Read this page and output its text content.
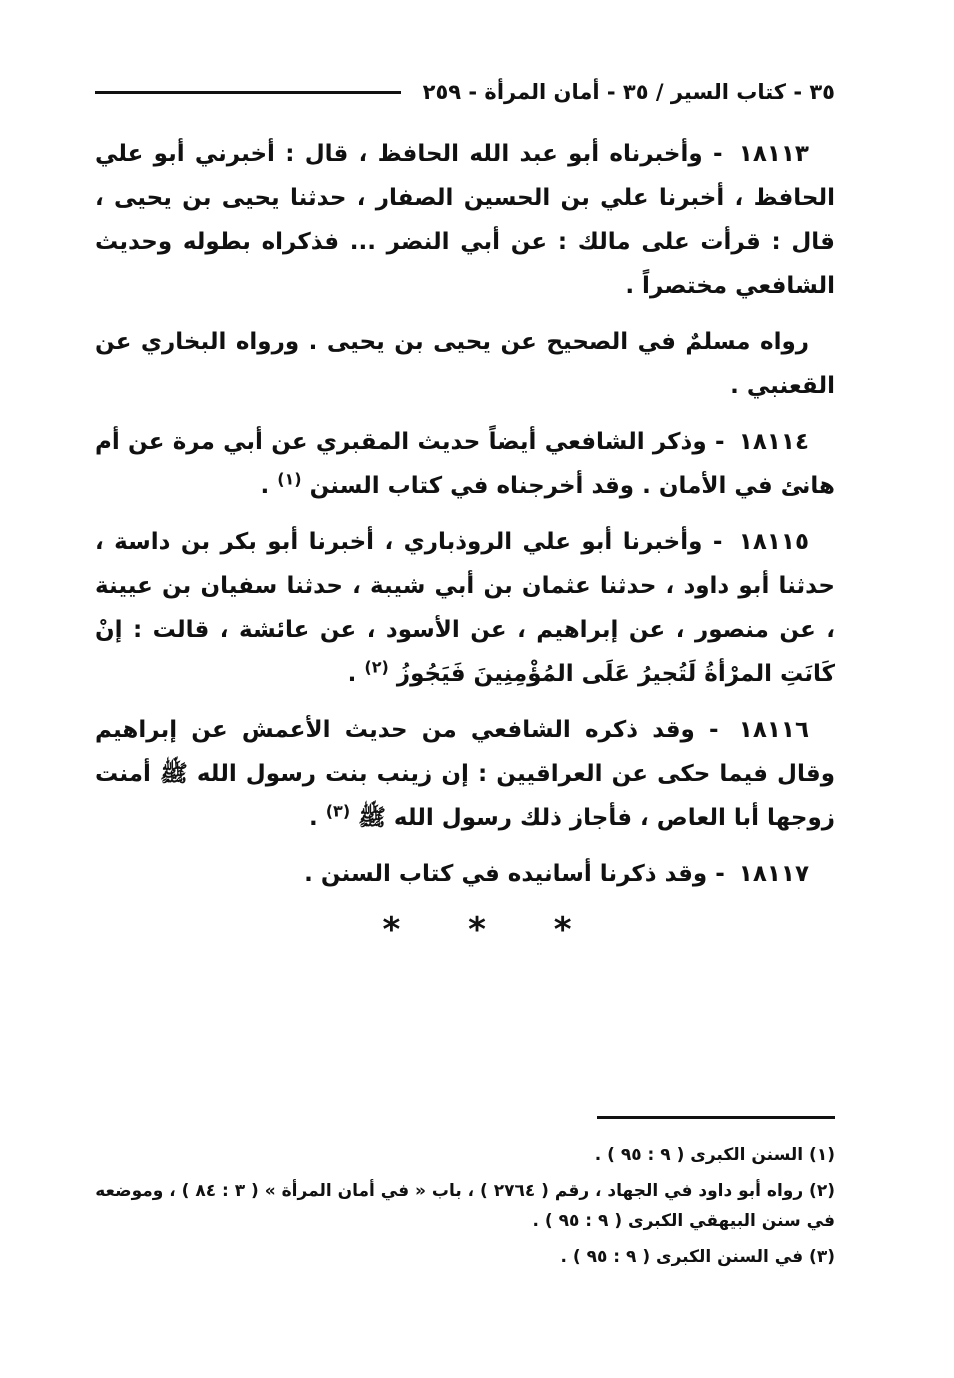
٣٥ - كتاب السير / ٣٥ - أمان المرأة - ٢٥٩

١٨١١٣ - وأخبرناه أبو عبد الله الحافظ ، قال : أخبرني أبو علي الحافظ ، أخبرنا علي بن الحسين الصفار ، حدثنا يحيى بن يحيى ، قال : قرأت على مالك : عن أبي النضر ... فذكراه بطوله وحديث الشافعي مختصراً .

رواه مسلمٌ في الصحيح عن يحيى بن يحيى . ورواه البخاري عن القعنبي .

١٨١١٤ - وذكر الشافعي أيضاً حديث المقبري عن أبي مرة عن أم هانئ في الأمان . وقد أخرجناه في كتاب السنن $^{(١)}$ .

١٨١١٥ - وأخبرنا أبو علي الروذباري ، أخبرنا أبو بكر بن داسة ، حدثنا أبو داود ، حدثنا عثمان بن أبي شيبة ، حدثنا سفيان بن عيينة ، عن منصور ، عن إبراهيم ، عن الأسود ، عن عائشة ، قالت : إنْ كَانَتِ المرْأةُ لَتُجيرُ عَلَى المُؤْمِنِينَ فَيَجُوزُ $^{(٢)}$ .

١٨١١٦ - وقد ذكره الشافعي من حديث الأعمش عن إبراهيم وقال فيما حكى عن العراقيين : إن زينب بنت رسول الله ﷺ أمنت زوجها أبا العاص ، فأجاز ذلك رسول الله ﷺ $^{(٣)}$ .

١٨١١٧ - وقد ذكرنا أسانيده في كتاب السنن .

* * *

(١) السنن الكبرى ( ٩ : ٩٥ ) .

(٢) رواه أبو داود في الجهاد ، رقم ( ٢٧٦٤ ) ، باب « في أمان المرأة » ( ٣ : ٨٤ ) ، وموضعه في سنن البيهقي الكبرى ( ٩ : ٩٥ ) .

(٣) في السنن الكبرى ( ٩ : ٩٥ ) .
